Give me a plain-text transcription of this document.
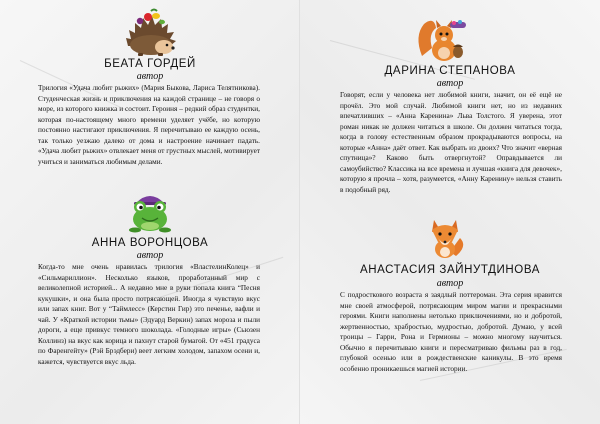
БЕАТА ГОРДЕЙ
автор

Трилогия «Удача любит рыжих» (Мария Быкова, Лариса Телятникова). Студенческая жизнь и приключения на каждой странице – не говоря о море, из которого книжка и состоит. Героиня – редкий образ студентки, которая по-настоящему много времени уделяет учёбе, но которую постоянно настигают приключения. Я перечитываю ее каждую осень, так только уезжаю далеко от дома и настроение начинает падать. «Удача любит рыжих» отвлекает меня от грустных мыслей, мотивирует учиться и заниматься любимым делами.

АННА ВОРОНЦОВА
автор

Когда-то мне очень нравилась трилогия «ВластелинКолец» и «Сильмариллион». Несколько языков, проработанный мир с великолепной историей... А недавно мне в руки попала книга “Песня кукушки», и она была просто потрясающей. Иногда я чувствую вкус или запах книг. Вот у “Таймлесс» (Керстин Гир) это печенье, вафли и чай. У «Краткой истории тьмы» (Эдуард Веркин) запах мороза и пыли дороги, а еще привкус темного шоколада. «Голодные игры» (Сьюзен Коллинз) на вкус как корица и пахнут старой бумагой. От «451 градуса по Фаренгейту» (Рэй Брэдбери) веет легким холодом, запахом осени и, кажется, чувствуется вкус льда.

ДАРИНА СТЕПАНОВА
автор

Говорят, если у человека нет любимой книги, значит, он её ещё не прочёл. Это мой случай. Любимой книги нет, но из недавних впечатливших – «Анна Каренина» Льва Толстого. Я уверена, этот роман никак не должен читаться в школе. Он должен читаться тогда, когда в голову естественным образом прокрадываются вопросы, на которые «Анна» даёт ответ. Как выбрать из двоих? Что значит «верная спутница»? Каково быть отвергнутой? Оправдывается ли самоубийство? Классика на все времена и лучшая «книга для девочек», которую я прочла – хотя, разумеется, «Анну Каренину» нельзя ставить в подобный ряд.

АНАСТАСИЯ ЗАЙНУТДИНОВА
автор

С подросткового возраста я заядлый поттероман. Эта серия нравится мне своей атмосферой, потрясающим миром магии и прекрасными героями. Книги наполнены нетолько приключениями, но и добротой, жертвенностью, храбростью, мудростью, добротой. Думаю, у всей троицы – Гарри, Рона и Гермионы – можно многому научиться. Обычно я перечитываю книги и пересматриваю фильмы раз в год, глубокой осенью или в рождественские каникулы. В это время особенно проникаешься магией истории.
